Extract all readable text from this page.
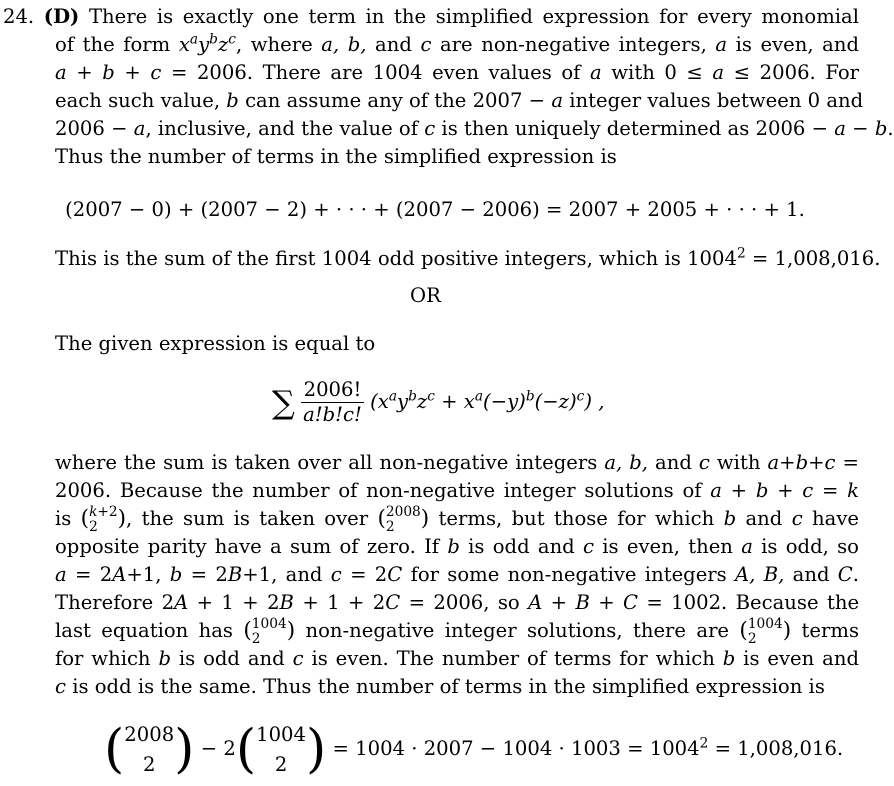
24. (D) There is exactly one term in the simplified expression for every monomial
of the form $x^ay^bz^c$, where a, b, and c are non-negative integers, a is even, and
a + b + c = 2006. There are 1004 even values of a with 0 ≤ a ≤ 2006. For
each such value, b can assume any of the 2007 − a integer values between 0 and
2006 − a, inclusive, and the value of c is then uniquely determined as 2006 − a − b.
Thus the number of terms in the simplified expression is
(2007 − 0) + (2007 − 2) + · · · + (2007 − 2006) = 2007 + 2005 + · · · + 1.
This is the sum of the first 1004 odd positive integers, which is $1004^2 = 1,008,016$.
OR
The given expression is equal to
∑ $\frac{2006!}{a!b!c!} (x^ay^bz^c + x^a(-y)^b(-z)^c)$ ,
where the sum is taken over all non-negative integers a, b, and c with a+b+c =
2006. Because the number of non-negative integer solutions of a + b + c = k
is ( k+2
2 ), the sum is taken over ( 2008
2	) terms, but those for which b and c have
opposite parity have a sum of zero. If b is odd and c is even, then a is odd, so
a = 2A+1, b = 2B+1, and c = 2C for some non-negative integers A, B, and C.
Therefore 2A + 1 + 2B + 1 + 2C = 2006, so A + B + C = 1002. Because the
last equation has ( 1004
2	) non-negative integer solutions, there are ( 1004
2	) terms
for which b is odd and c is even. The number of terms for which b is even and
c is odd is the same. Thus the number of terms in the simplified expression is
( 2008
2 ) − 2( 1004
2 ) = $1004 \cdot 2007 - 1004 \cdot 1003 = 1004^2 = 1,008,016$.
